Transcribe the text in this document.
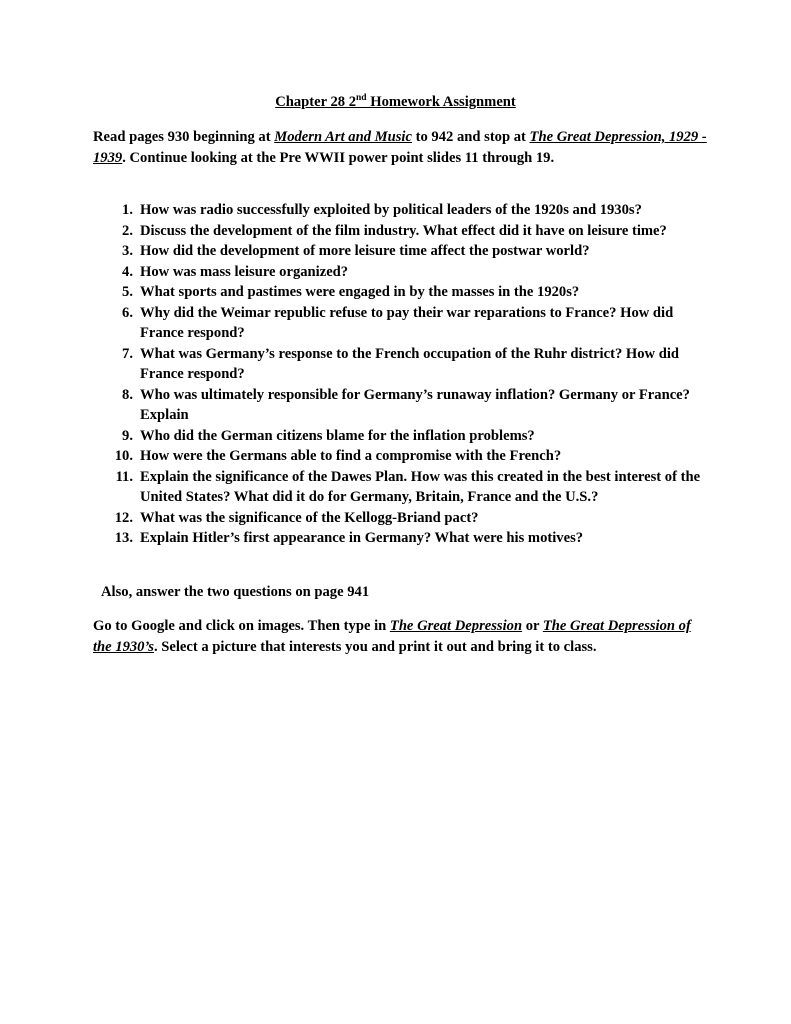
Chapter 28 2nd Homework Assignment

Read pages 930 beginning at Modern Art and Music to 942 and stop at The Great Depression, 1929 - 1939. Continue looking at the Pre WWII power point slides 11 through 19.

1. How was radio successfully exploited by political leaders of the 1920s and 1930s?
2. Discuss the development of the film industry. What effect did it have on leisure time?
3. How did the development of more leisure time affect the postwar world?
4. How was mass leisure organized?
5. What sports and pastimes were engaged in by the masses in the 1920s?
6. Why did the Weimar republic refuse to pay their war reparations to France? How did France respond?
7. What was Germany’s response to the French occupation of the Ruhr district? How did France respond?
8. Who was ultimately responsible for Germany’s runaway inflation? Germany or France? Explain
9. Who did the German citizens blame for the inflation problems?
10. How were the Germans able to find a compromise with the French?
11. Explain the significance of the Dawes Plan. How was this created in the best interest of the United States? What did it do for Germany, Britain, France and the U.S.?
12. What was the significance of the Kellogg-Briand pact?
13. Explain Hitler’s first appearance in Germany? What were his motives?

Also, answer the two questions on page 941

Go to Google and click on images. Then type in The Great Depression or The Great Depression of the 1930’s. Select a picture that interests you and print it out and bring it to class.
